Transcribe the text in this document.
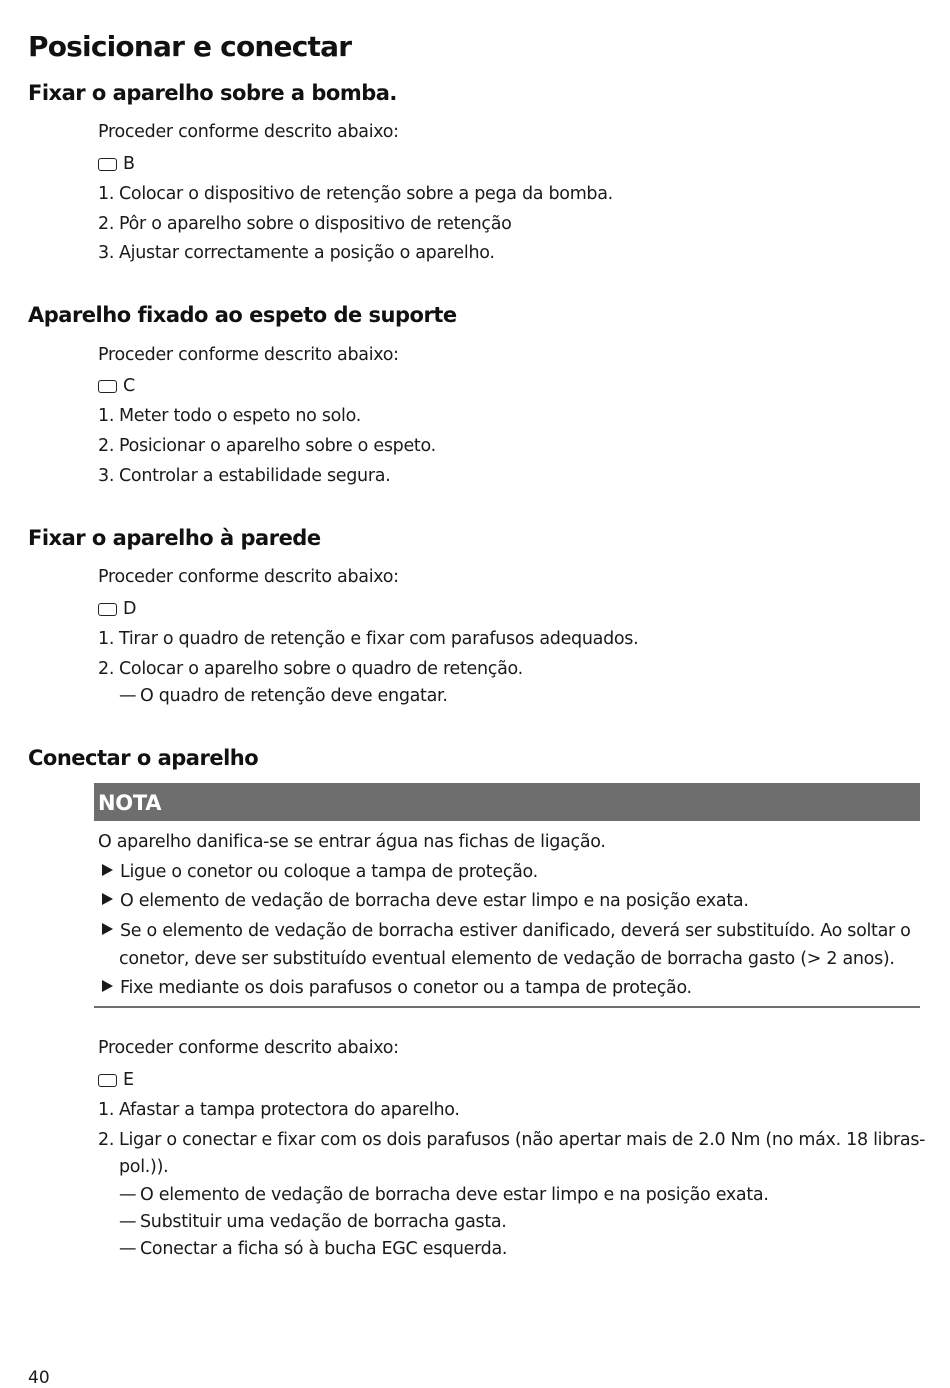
Posicionar e conectar
Fixar o aparelho sobre a bomba.
Proceder conforme descrito abaixo:
B
1. Colocar o dispositivo de retenção sobre a pega da bomba.
2. Pôr o aparelho sobre o dispositivo de retenção
3. Ajustar correctamente a posição o aparelho.
Aparelho fixado ao espeto de suporte
Proceder conforme descrito abaixo:
C
1. Meter todo o espeto no solo.
2. Posicionar o aparelho sobre o espeto.
3. Controlar a estabilidade segura.
Fixar o aparelho à parede
Proceder conforme descrito abaixo:
D
1. Tirar o quadro de retenção e fixar com parafusos adequados.
2. Colocar o aparelho sobre o quadro de retenção.
— O quadro de retenção deve engatar.
Conectar o aparelho
NOTA
O aparelho danifica-se se entrar água nas fichas de ligação.
Ligue o conetor ou coloque a tampa de proteção.
O elemento de vedação de borracha deve estar limpo e na posição exata.
Se o elemento de vedação de borracha estiver danificado, deverá ser substituído. Ao soltar o
conetor, deve ser substituído eventual elemento de vedação de borracha gasto (> 2 anos).
Fixe mediante os dois parafusos o conetor ou a tampa de proteção.
Proceder conforme descrito abaixo:
E
1. Afastar a tampa protectora do aparelho.
2. Ligar o conectar e fixar com os dois parafusos (não apertar mais de 2.0 Nm (no máx. 18 libras-
pol.)).
— O elemento de vedação de borracha deve estar limpo e na posição exata.
— Substituir uma vedação de borracha gasta.
— Conectar a ficha só à bucha EGC esquerda.
40
